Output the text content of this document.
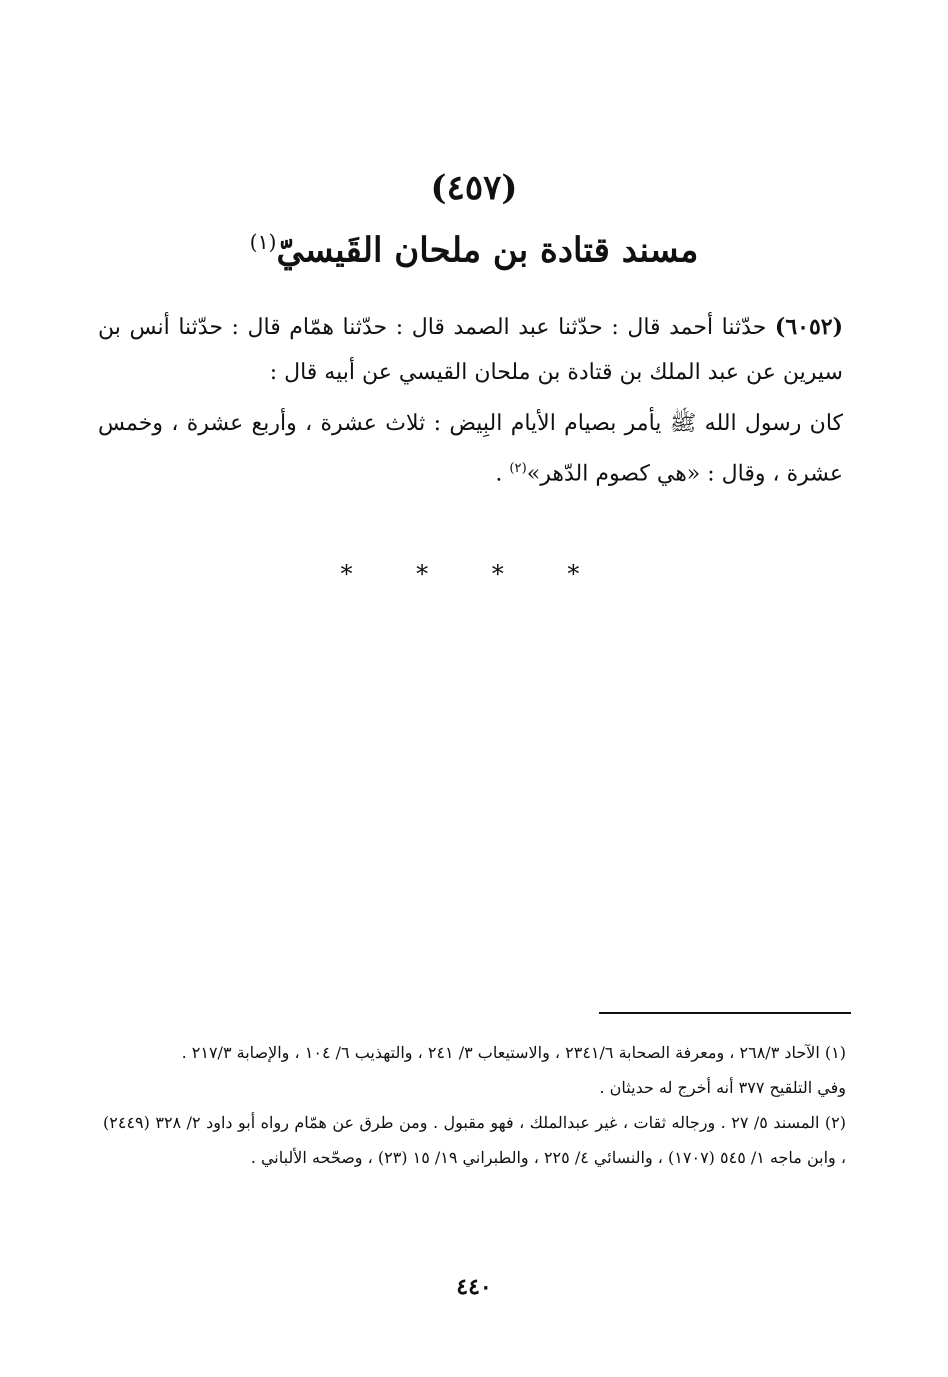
(٤٥٧)
مسند قتادة بن ملحان القَيسيّ$^{(١)}$

(٦٠٥٢) حدّثنا أحمد قال : حدّثنا عبد الصمد قال : حدّثنا همّام قال : حدّثنا أنس بن سيرين عن عبد الملك بن قتادة بن ملحان القيسي عن أبيه قال :

كان رسول الله ﷺ يأمر بصيام الأيام البِيض : ثلاث عشرة ، وأربع عشرة ، وخمس عشرة ، وقال : «هي كصوم الدّهر»$^{(٢)}$ .

* * * *

(١) الآحاد ٢٦٨/٣ ، ومعرفة الصحابة ٢٣٤١/٦ ، والاستيعاب ٣/ ٢٤١ ، والتهذيب ٦/ ١٠٤ ، والإصابة ٢١٧/٣ .

وفي التلقيح ٣٧٧ أنه أخرج له حديثان .

(٢) المسند ٥/ ٢٧ . ورجاله ثقات ، غير عبدالملك ، فهو مقبول . ومن طرق عن همّام رواه أبو داود ٢/ ٣٢٨ (٢٤٤٩) ، وابن ماجه ١/ ٥٤٥ (١٧٠٧) ، والنسائي ٤/ ٢٢٥ ، والطبراني ١٩/ ١٥ (٢٣) ، وصحّحه الألباني .

٤٤٠
